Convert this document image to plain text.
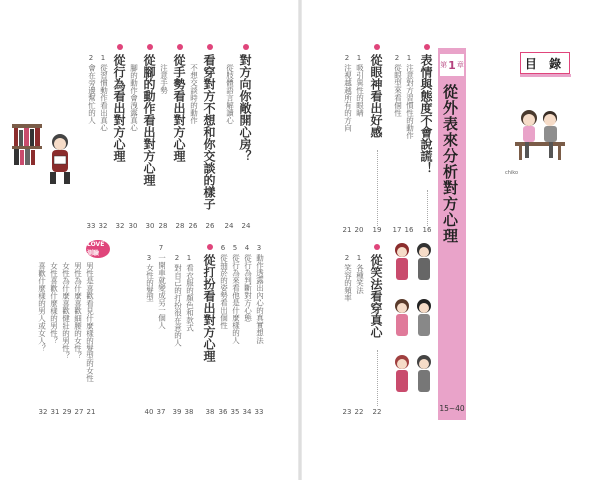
目 錄
chiko
第 1 章
從外表來分析對方心理
15~40
表情與態度不會說謊！
16
1
注意對方習慣性的動作
16
2
從眼型來看個性
17
從眼神看出好感
19
1
吸引異性的眼睛
20
2
注視越越所有的方向
21
從笑法看穿真心
22
1
各種笑法
22
2
笑容的頻率
23
對方向你敞開心房？
24
從肢體語言解讀心
24
看穿對方不想和你交談的樣子
26
不想交談時的動作
26
從手勢看出對方心理
28
注意手勢
28
從腳的動作看出對方心理
30
腳的動作會洩露真心
30
從行為看出對方心理
32
1
從習慣動作看出真心
32
2
會在旁邊幫忙的人
33
從打扮看出對方心理
38
1
看衣服的顏色和款式
38
2
對自己的打扮很在意的人
39
3
女性的髮型
40
3
動作透露出內心的真實想法
33
4
從行為判斷對方心態
34
5
從行為來看他是什麼樣的人
35
6
從抽菸的姿勢看出個性
36
7
一開車就變成另一個人
37
LOVE 測驗
男性是喜歡看見什麼樣的髮型的女性
21
男性為什麼喜歡細腰的女性？
27
女性為什麼喜歡健壯的男性？
29
女性喜歡什麼樣的男性？
31
喜歡什麼樣的男人或女人？
32
